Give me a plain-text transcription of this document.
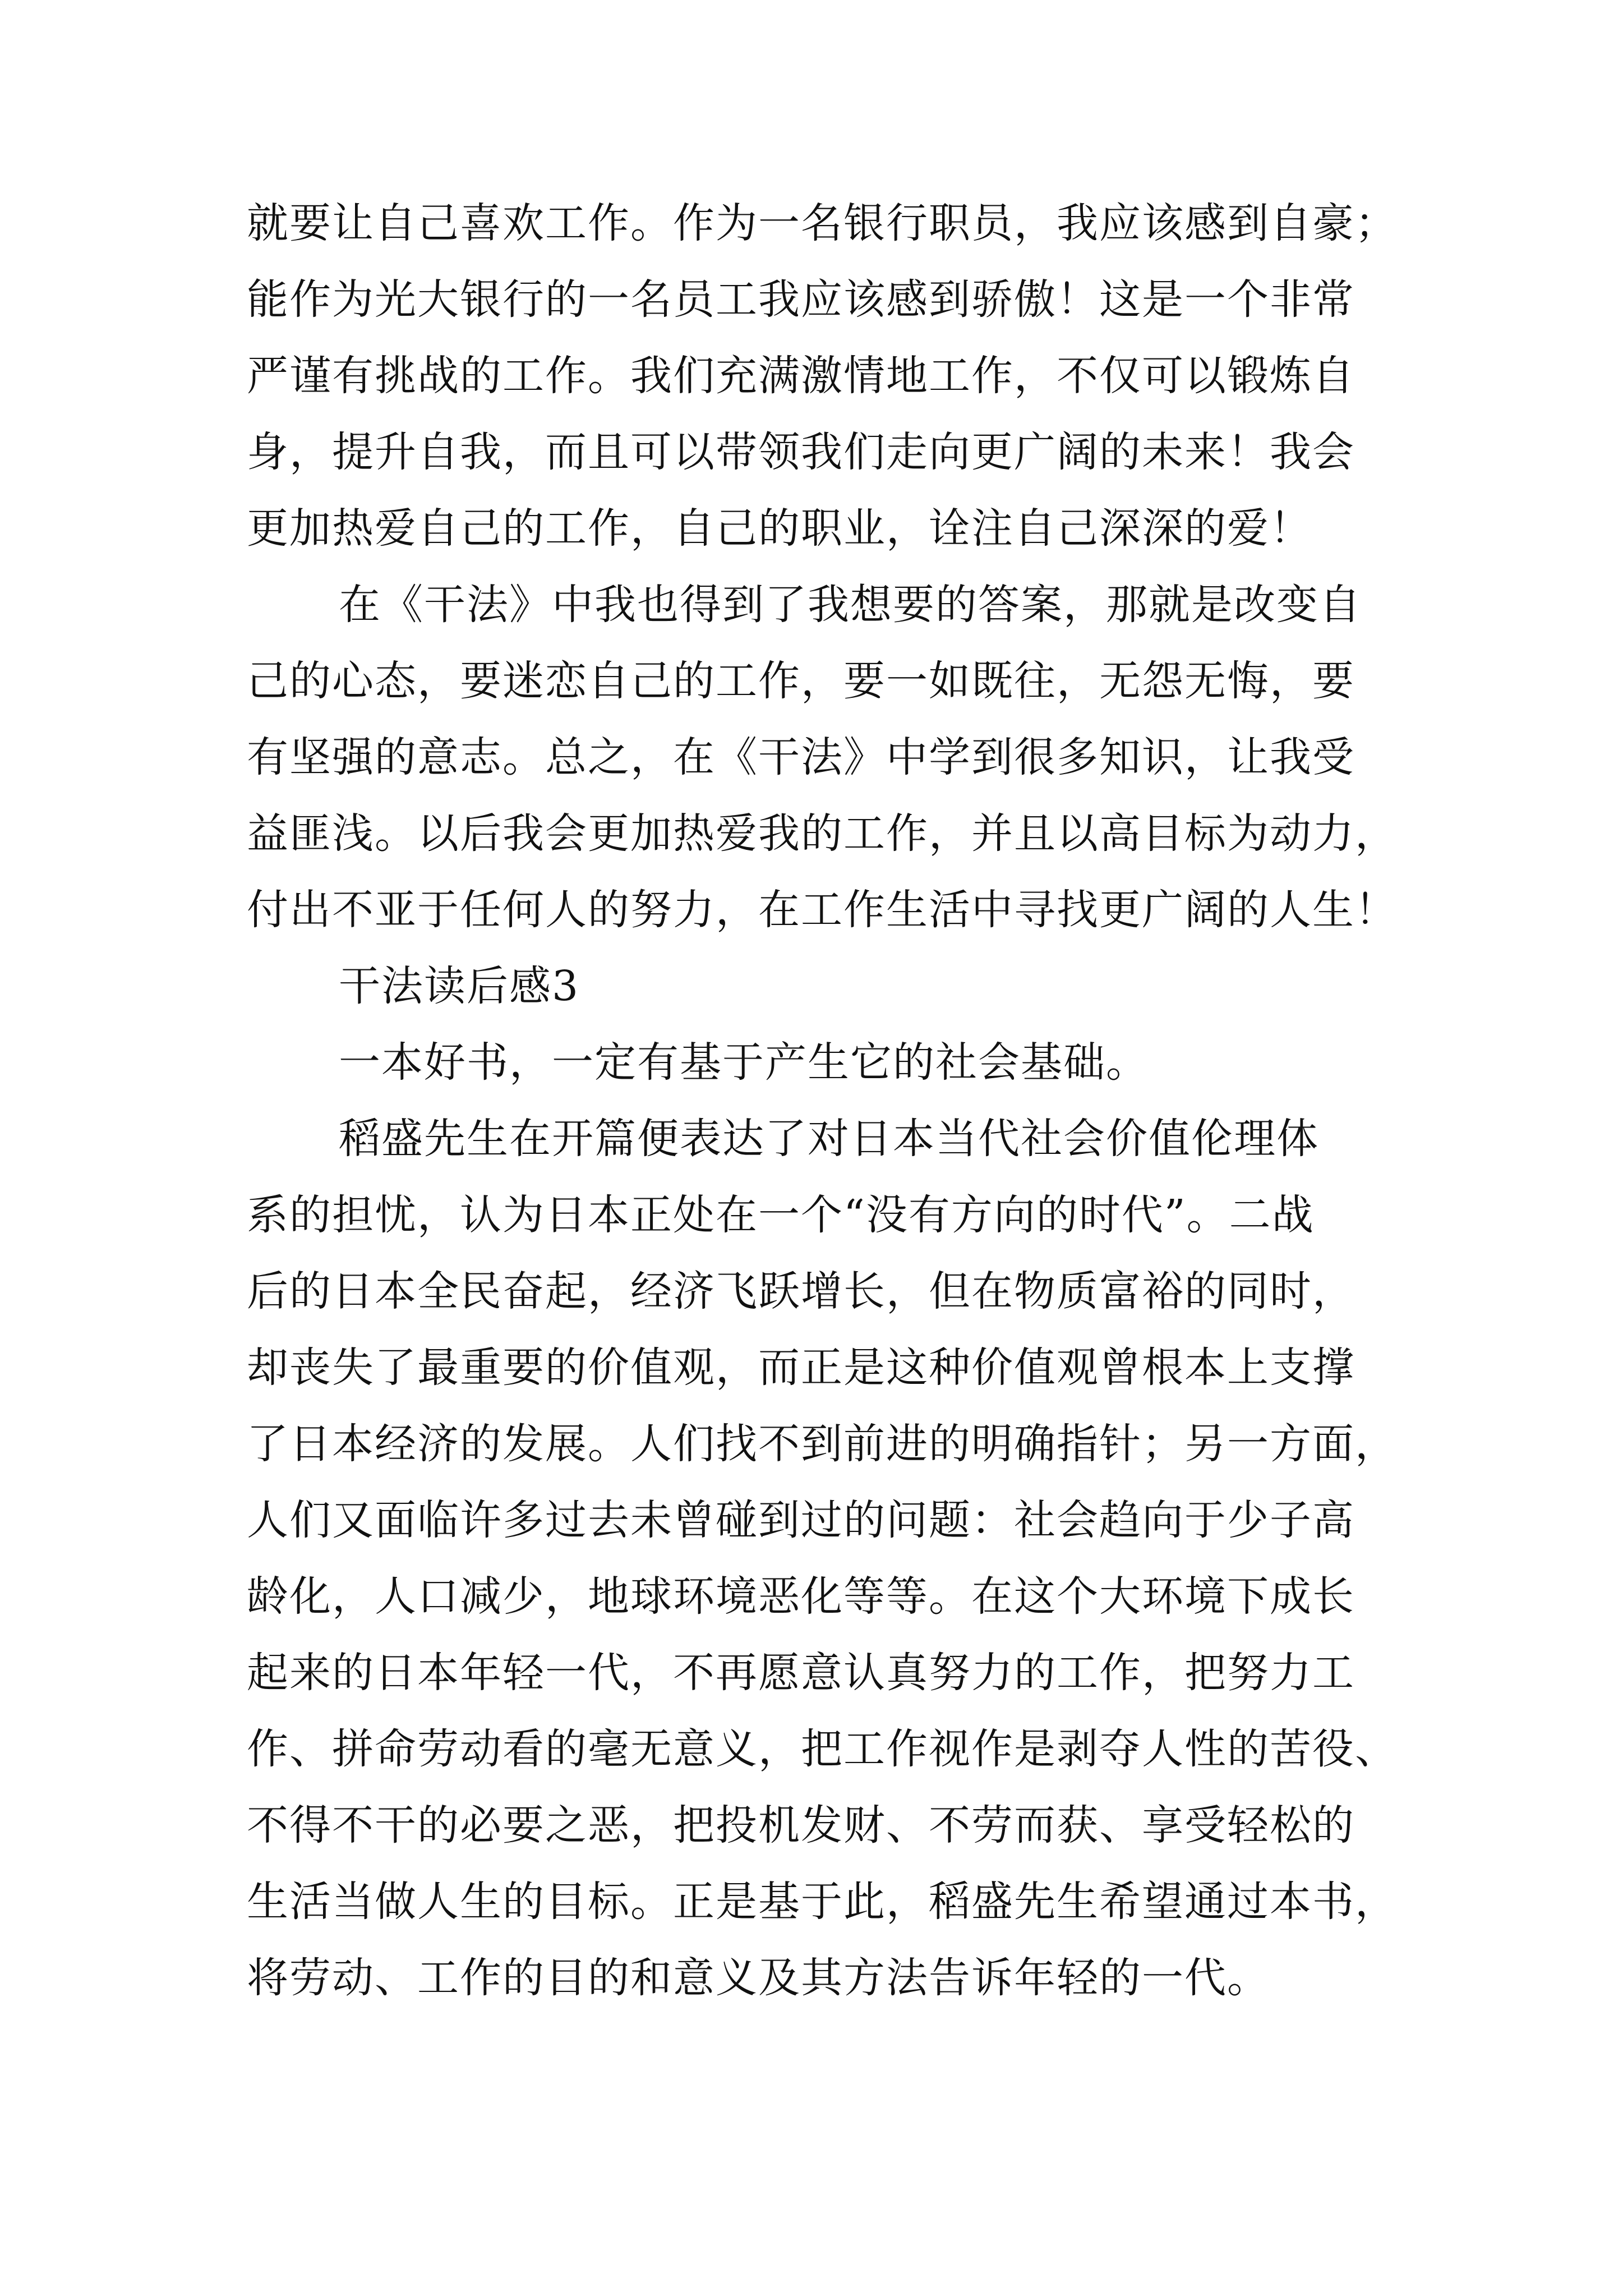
就要让自己喜欢工作。作为一名银行职员，我应该感到自豪；
能作为光大银行的一名员工我应该感到骄傲！这是一个非常
严谨有挑战的工作。我们充满激情地工作，不仅可以锻炼自
身，提升自我，而且可以带领我们走向更广阔的未来！我会
更加热爱自己的工作，自己的职业，诠注自己深深的爱！
在《干法》中我也得到了我想要的答案，那就是改变自
己的心态，要迷恋自己的工作，要一如既往，无怨无悔，要
有坚强的意志。总之，在《干法》中学到很多知识，让我受
益匪浅。以后我会更加热爱我的工作，并且以高目标为动力，
付出不亚于任何人的努力，在工作生活中寻找更广阔的人生！
干法读后感3
一本好书，一定有基于产生它的社会基础。
稻盛先生在开篇便表达了对日本当代社会价值伦理体
系的担忧，认为日本正处在一个“没有方向的时代”。二战
后的日本全民奋起，经济飞跃增长，但在物质富裕的同时，
却丧失了最重要的价值观，而正是这种价值观曾根本上支撑
了日本经济的发展。人们找不到前进的明确指针；另一方面，
人们又面临许多过去未曾碰到过的问题：社会趋向于少子高
龄化，人口减少，地球环境恶化等等。在这个大环境下成长
起来的日本年轻一代，不再愿意认真努力的工作，把努力工
作、拼命劳动看的毫无意义，把工作视作是剥夺人性的苦役、
不得不干的必要之恶，把投机发财、不劳而获、享受轻松的
生活当做人生的目标。正是基于此，稻盛先生希望通过本书，
将劳动、工作的目的和意义及其方法告诉年轻的一代。
